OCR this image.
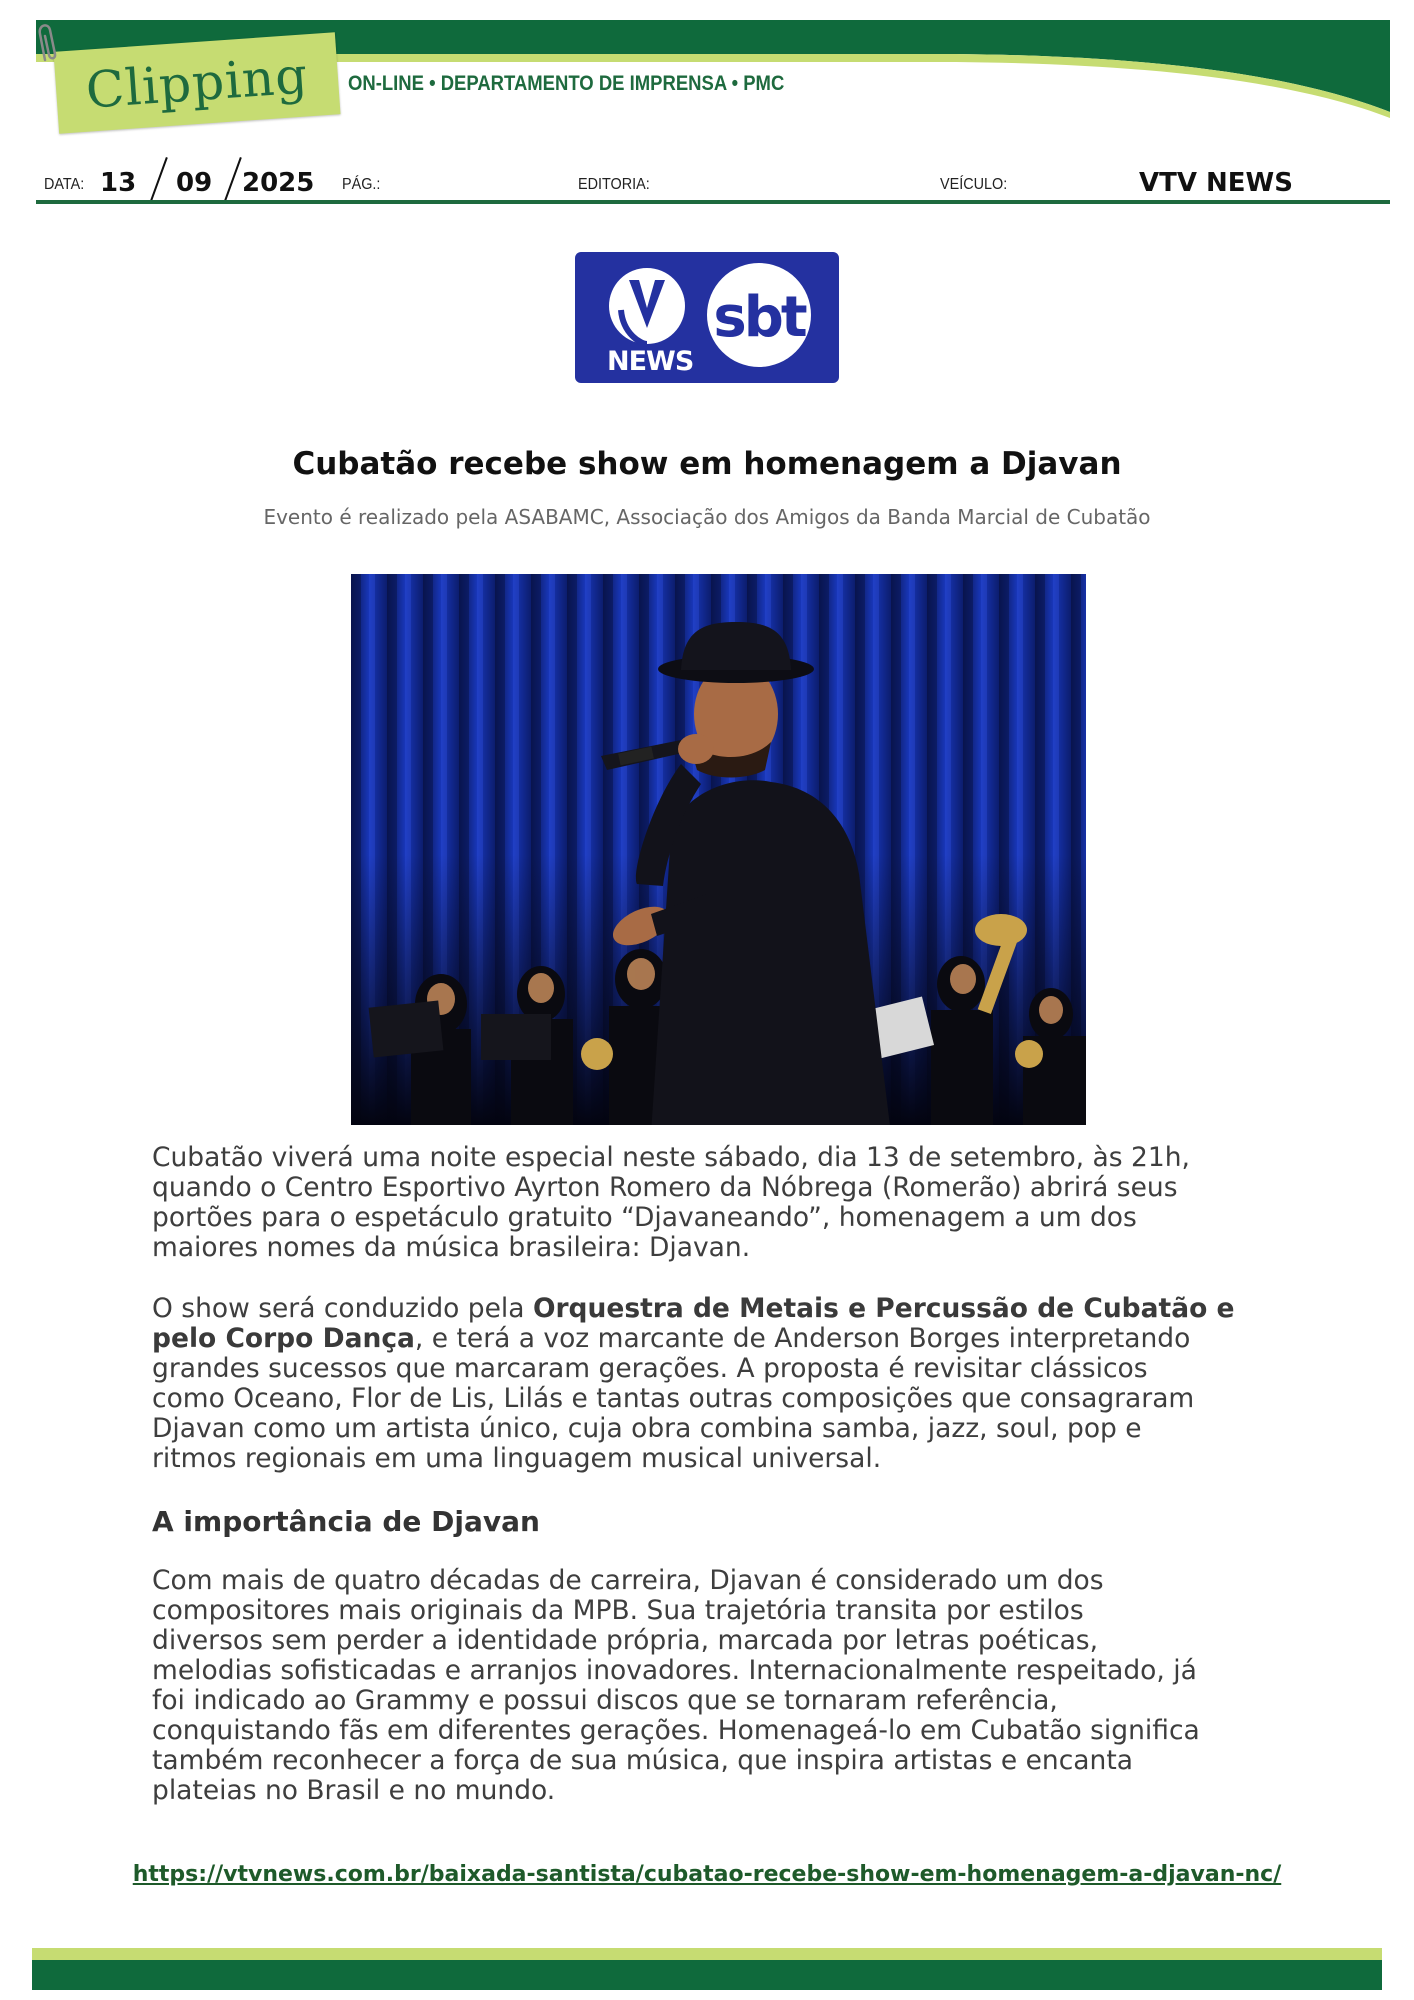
Clipping ON-LINE • DEPARTAMENTO DE IMPRENSA • PMC
DATA: 13 09 2025 PÁG.:	EDITORIA:	VEÍCULO:	VTV NEWS
NEWS
sbt
Cubatão recebe show em homenagem a Djavan
Evento é realizado pela ASABAMC, Associação dos Amigos da Banda Marcial de Cubatão
Cubatão viverá uma noite especial neste sábado, dia 13 de setembro, às 21h,
quando o Centro Esportivo Ayrton Romero da Nóbrega (Romerão) abrirá seus
portões para o espetáculo gratuito “Djavaneando”, homenagem a um dos
maiores nomes da música brasileira: Djavan.
O show será conduzido pela Orquestra de Metais e Percussão de Cubatão e
pelo Corpo Dança, e terá a voz marcante de Anderson Borges interpretando
grandes sucessos que marcaram gerações. A proposta é revisitar clássicos
como Oceano, Flor de Lis, Lilás e tantas outras composições que consagraram
Djavan como um artista único, cuja obra combina samba, jazz, soul, pop e
ritmos regionais em uma linguagem musical universal.
A importância de Djavan
Com mais de quatro décadas de carreira, Djavan é considerado um dos
compositores mais originais da MPB. Sua trajetória transita por estilos
diversos sem perder a identidade própria, marcada por letras poéticas,
melodias sofisticadas e arranjos inovadores. Internacionalmente respeitado, já
foi indicado ao Grammy e possui discos que se tornaram referência,
conquistando fãs em diferentes gerações. Homenageá-lo em Cubatão significa
também reconhecer a força de sua música, que inspira artistas e encanta
plateias no Brasil e no mundo.
https://vtvnews.com.br/baixada-santista/cubatao-recebe-show-em-homenagem-a-djavan-nc/
